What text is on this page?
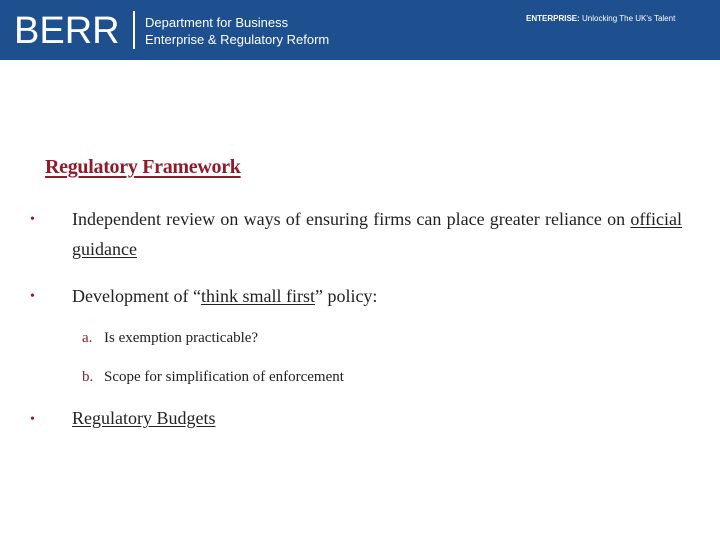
BERR Department for Business
Enterprise & Regulatory Reform
ENTERPRISE: Unlocking The UK's Talent
Regulatory Framework
• Independent review on ways of ensuring firms can place greater reliance on official guidance
• Development of “think small first” policy:
a. Is exemption practicable?
b. Scope for simplification of enforcement
• Regulatory Budgets
